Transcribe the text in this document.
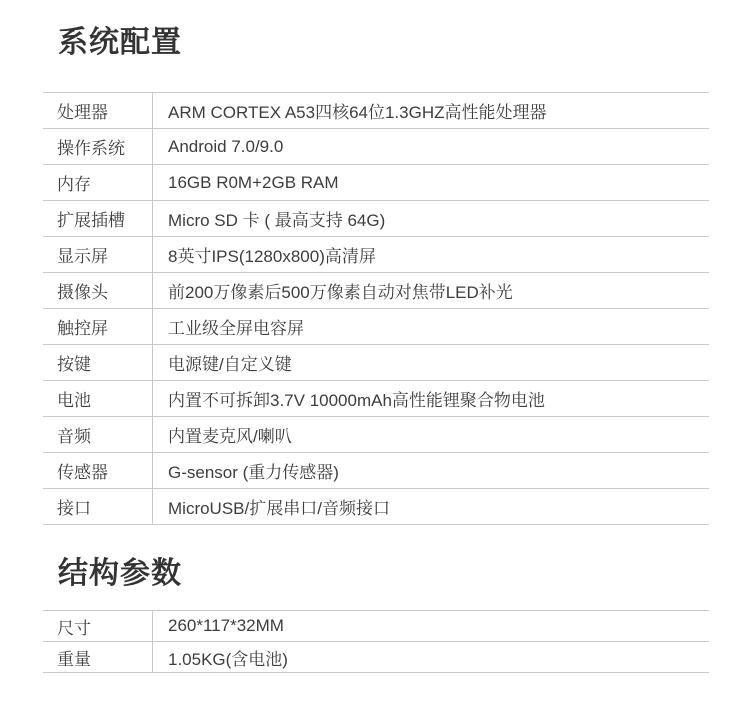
系统配置
处理器	ARM CORTEX A53四核64位1.3GHZ高性能处理器
操作系统	Android 7.0/9.0
内存	16GB R0M+2GB RAM
扩展插槽	Micro SD 卡 ( 最高支持 64G)
显示屏	8英寸IPS(1280x800)高清屏
摄像头	前200万像素后500万像素自动对焦带LED补光
触控屏	工业级全屏电容屏
按键	电源键/自定义键
电池	内置不可拆卸3.7V 10000mAh高性能锂聚合物电池
音频	内置麦克风/喇叭
传感器	G-sensor (重力传感器)
接口	MicroUSB/扩展串口/音频接口
结构参数
尺寸	260*117*32MM
重量	1.05KG(含电池)
